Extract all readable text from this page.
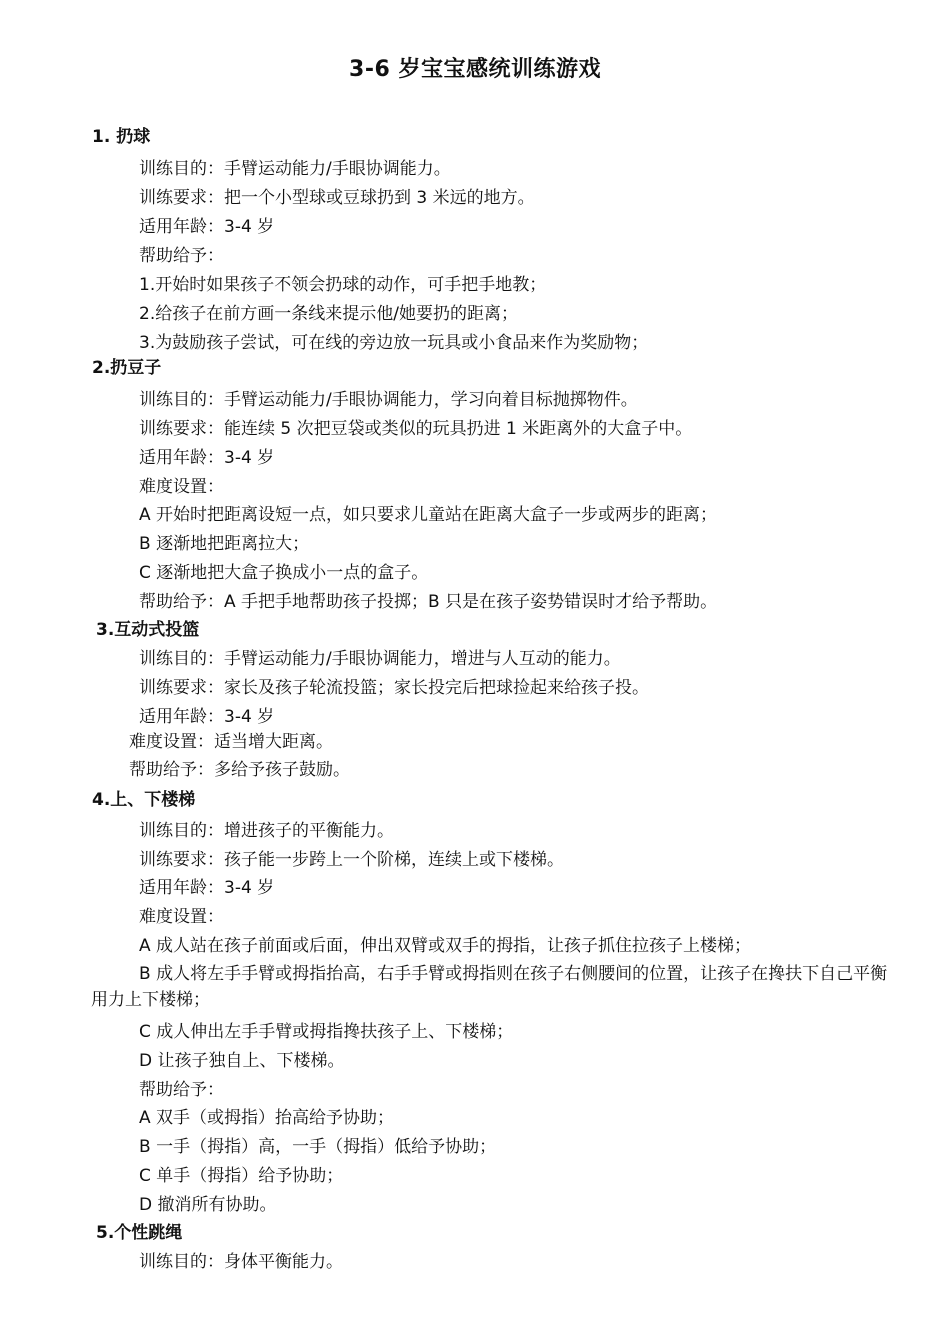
3-6 岁宝宝感统训练游戏
1. 扔球
训练目的：手臂运动能力/手眼协调能力。
训练要求：把一个小型球或豆球扔到 3 米远的地方。
适用年龄：3-4 岁
帮助给予：
1.开始时如果孩子不领会扔球的动作，可手把手地教；
2.给孩子在前方画一条线来提示他/她要扔的距离；
3.为鼓励孩子尝试，可在线的旁边放一玩具或小食品来作为奖励物；
2.扔豆子
训练目的：手臂运动能力/手眼协调能力，学习向着目标抛掷物件。
训练要求：能连续 5 次把豆袋或类似的玩具扔进 1 米距离外的大盒子中。
适用年龄：3-4 岁
难度设置：
A 开始时把距离设短一点，如只要求儿童站在距离大盒子一步或两步的距离；
B 逐渐地把距离拉大；
C 逐渐地把大盒子换成小一点的盒子。
帮助给予：A 手把手地帮助孩子投掷；B 只是在孩子姿势错误时才给予帮助。
3.互动式投篮
训练目的：手臂运动能力/手眼协调能力，增进与人互动的能力。
训练要求：家长及孩子轮流投篮；家长投完后把球捡起来给孩子投。
适用年龄：3-4 岁
难度设置：适当增大距离。
帮助给予：多给予孩子鼓励。
4.上、下楼梯
训练目的：增进孩子的平衡能力。
训练要求：孩子能一步跨上一个阶梯，连续上或下楼梯。
适用年龄：3-4 岁
难度设置：
A 成人站在孩子前面或后面，伸出双臂或双手的拇指，让孩子抓住拉孩子上楼梯；
B 成人将左手手臂或拇指抬高，右手手臂或拇指则在孩子右侧腰间的位置，让孩子在搀扶下自己平衡用力上下楼梯；
C 成人伸出左手手臂或拇指搀扶孩子上、下楼梯；
D 让孩子独自上、下楼梯。
帮助给予：
A 双手（或拇指）抬高给予协助；
B 一手（拇指）高，一手（拇指）低给予协助；
C 单手（拇指）给予协助；
D 撤消所有协助。
5.个性跳绳
训练目的：身体平衡能力。
